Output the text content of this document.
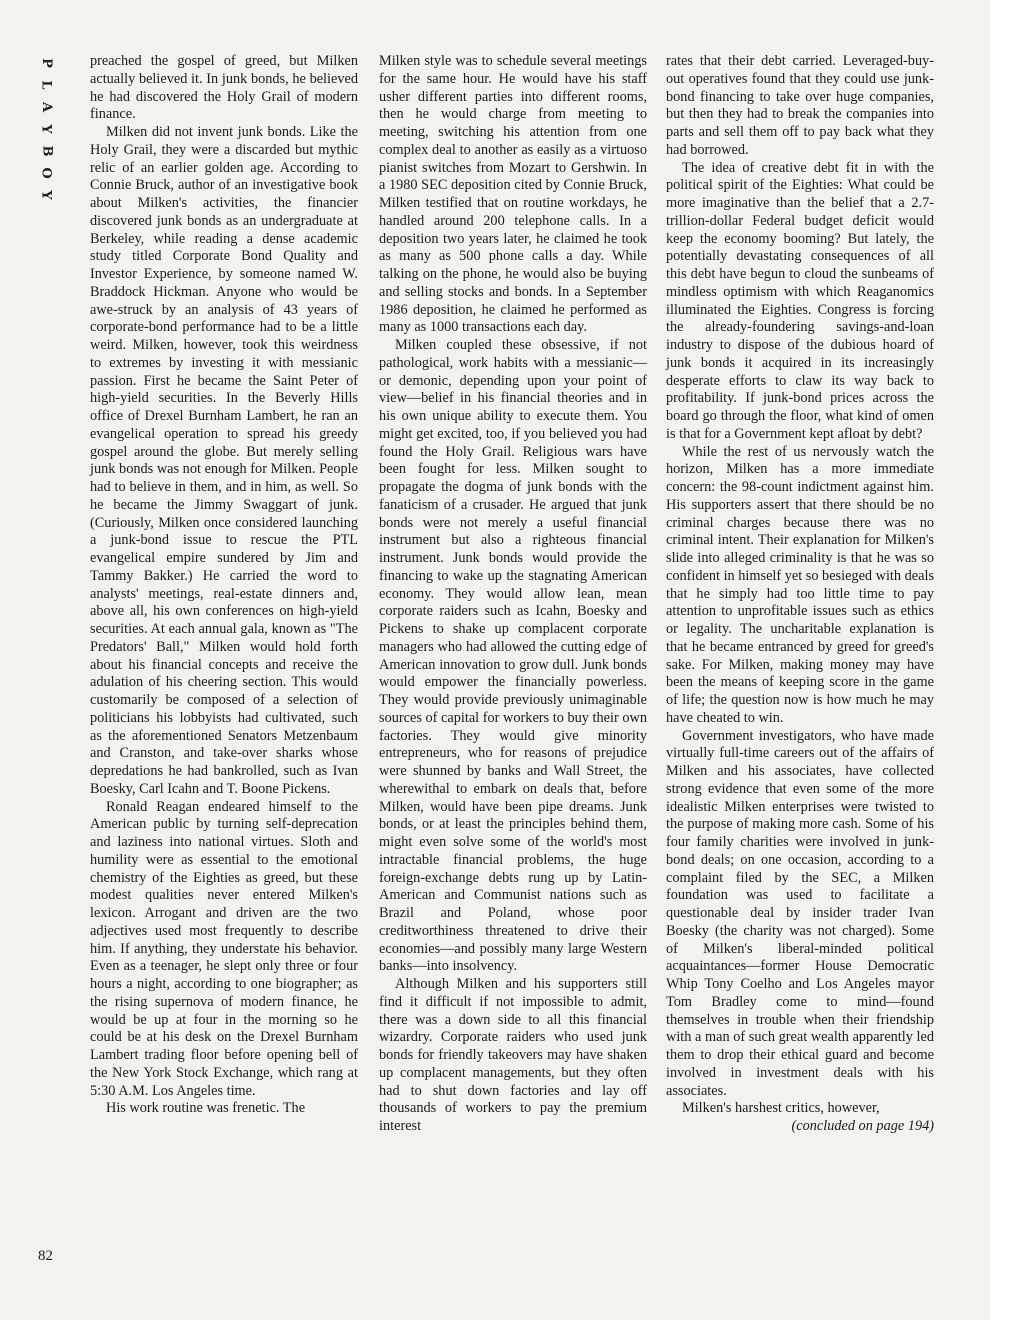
P
L
A
Y
B
O
Y

preached the gospel of greed, but Milken actually believed it. In junk bonds, he believed he had discovered the Holy Grail of modern finance.

Milken did not invent junk bonds. Like the Holy Grail, they were a discarded but mythic relic of an earlier golden age. According to Connie Bruck, author of an investigative book about Milken's activities, the financier discovered junk bonds as an undergraduate at Berkeley, while reading a dense academic study titled Corporate Bond Quality and Investor Experience, by someone named W. Braddock Hickman. Anyone who would be awe-struck by an analysis of 43 years of corporate-bond performance had to be a little weird. Milken, however, took this weirdness to extremes by investing it with messianic passion. First he became the Saint Peter of high-yield securities. In the Beverly Hills office of Drexel Burnham Lambert, he ran an evangelical operation to spread his greedy gospel around the globe. But merely selling junk bonds was not enough for Milken. People had to believe in them, and in him, as well. So he became the Jimmy Swaggart of junk. (Curiously, Milken once considered launching a junk-bond issue to rescue the PTL evangelical empire sundered by Jim and Tammy Bakker.) He carried the word to analysts' meetings, real-estate dinners and, above all, his own conferences on high-yield securities. At each annual gala, known as "The Predators' Ball," Milken would hold forth about his financial concepts and receive the adulation of his cheering section. This would customarily be composed of a selection of politicians his lobbyists had cultivated, such as the aforementioned Senators Metzenbaum and Cranston, and take-over sharks whose depredations he had bankrolled, such as Ivan Boesky, Carl Icahn and T. Boone Pickens.

Ronald Reagan endeared himself to the American public by turning self-deprecation and laziness into national virtues. Sloth and humility were as essential to the emotional chemistry of the Eighties as greed, but these modest qualities never entered Milken's lexicon. Arrogant and driven are the two adjectives used most frequently to describe him. If anything, they understate his behavior. Even as a teenager, he slept only three or four hours a night, according to one biographer; as the rising supernova of modern finance, he would be up at four in the morning so he could be at his desk on the Drexel Burnham Lambert trading floor before opening bell of the New York Stock Exchange, which rang at 5:30 A.M. Los Angeles time.

His work routine was frenetic. The

Milken style was to schedule several meetings for the same hour. He would have his staff usher different parties into different rooms, then he would charge from meeting to meeting, switching his attention from one complex deal to another as easily as a virtuoso pianist switches from Mozart to Gershwin. In a 1980 SEC deposition cited by Connie Bruck, Milken testified that on routine workdays, he handled around 200 telephone calls. In a deposition two years later, he claimed he took as many as 500 phone calls a day. While talking on the phone, he would also be buying and selling stocks and bonds. In a September 1986 deposition, he claimed he performed as many as 1000 transactions each day.

Milken coupled these obsessive, if not pathological, work habits with a messianic—or demonic, depending upon your point of view—belief in his financial theories and in his own unique ability to execute them. You might get excited, too, if you believed you had found the Holy Grail. Religious wars have been fought for less. Milken sought to propagate the dogma of junk bonds with the fanaticism of a crusader. He argued that junk bonds were not merely a useful financial instrument but also a righteous financial instrument. Junk bonds would provide the financing to wake up the stagnating American economy. They would allow lean, mean corporate raiders such as Icahn, Boesky and Pickens to shake up complacent corporate managers who had allowed the cutting edge of American innovation to grow dull. Junk bonds would empower the financially powerless. They would provide previously unimaginable sources of capital for workers to buy their own factories. They would give minority entrepreneurs, who for reasons of prejudice were shunned by banks and Wall Street, the wherewithal to embark on deals that, before Milken, would have been pipe dreams. Junk bonds, or at least the principles behind them, might even solve some of the world's most intractable financial problems, the huge foreign-exchange debts rung up by Latin-American and Communist nations such as Brazil and Poland, whose poor creditworthiness threatened to drive their economies—and possibly many large Western banks—into insolvency.

Although Milken and his supporters still find it difficult if not impossible to admit, there was a down side to all this financial wizardry. Corporate raiders who used junk bonds for friendly takeovers may have shaken up complacent managements, but they often had to shut down factories and lay off thousands of workers to pay the premium interest

rates that their debt carried. Leveraged-buy-out operatives found that they could use junk-bond financing to take over huge companies, but then they had to break the companies into parts and sell them off to pay back what they had borrowed.

The idea of creative debt fit in with the political spirit of the Eighties: What could be more imaginative than the belief that a 2.7-trillion-dollar Federal budget deficit would keep the economy booming? But lately, the potentially devastating consequences of all this debt have begun to cloud the sunbeams of mindless optimism with which Reaganomics illuminated the Eighties. Congress is forcing the already-foundering savings-and-loan industry to dispose of the dubious hoard of junk bonds it acquired in its increasingly desperate efforts to claw its way back to profitability. If junk-bond prices across the board go through the floor, what kind of omen is that for a Government kept afloat by debt?

While the rest of us nervously watch the horizon, Milken has a more immediate concern: the 98-count indictment against him. His supporters assert that there should be no criminal charges because there was no criminal intent. Their explanation for Milken's slide into alleged criminality is that he was so confident in himself yet so besieged with deals that he simply had too little time to pay attention to unprofitable issues such as ethics or legality. The uncharitable explanation is that he became entranced by greed for greed's sake. For Milken, making money may have been the means of keeping score in the game of life; the question now is how much he may have cheated to win.

Government investigators, who have made virtually full-time careers out of the affairs of Milken and his associates, have collected strong evidence that even some of the more idealistic Milken enterprises were twisted to the purpose of making more cash. Some of his four family charities were involved in junk-bond deals; on one occasion, according to a complaint filed by the SEC, a Milken foundation was used to facilitate a questionable deal by insider trader Ivan Boesky (the charity was not charged). Some of Milken's liberal-minded political acquaintances—former House Democratic Whip Tony Coelho and Los Angeles mayor Tom Bradley come to mind—found themselves in trouble when their friendship with a man of such great wealth apparently led them to drop their ethical guard and become involved in investment deals with his associates.

Milken's harshest critics, however,

(concluded on page 194)

82
